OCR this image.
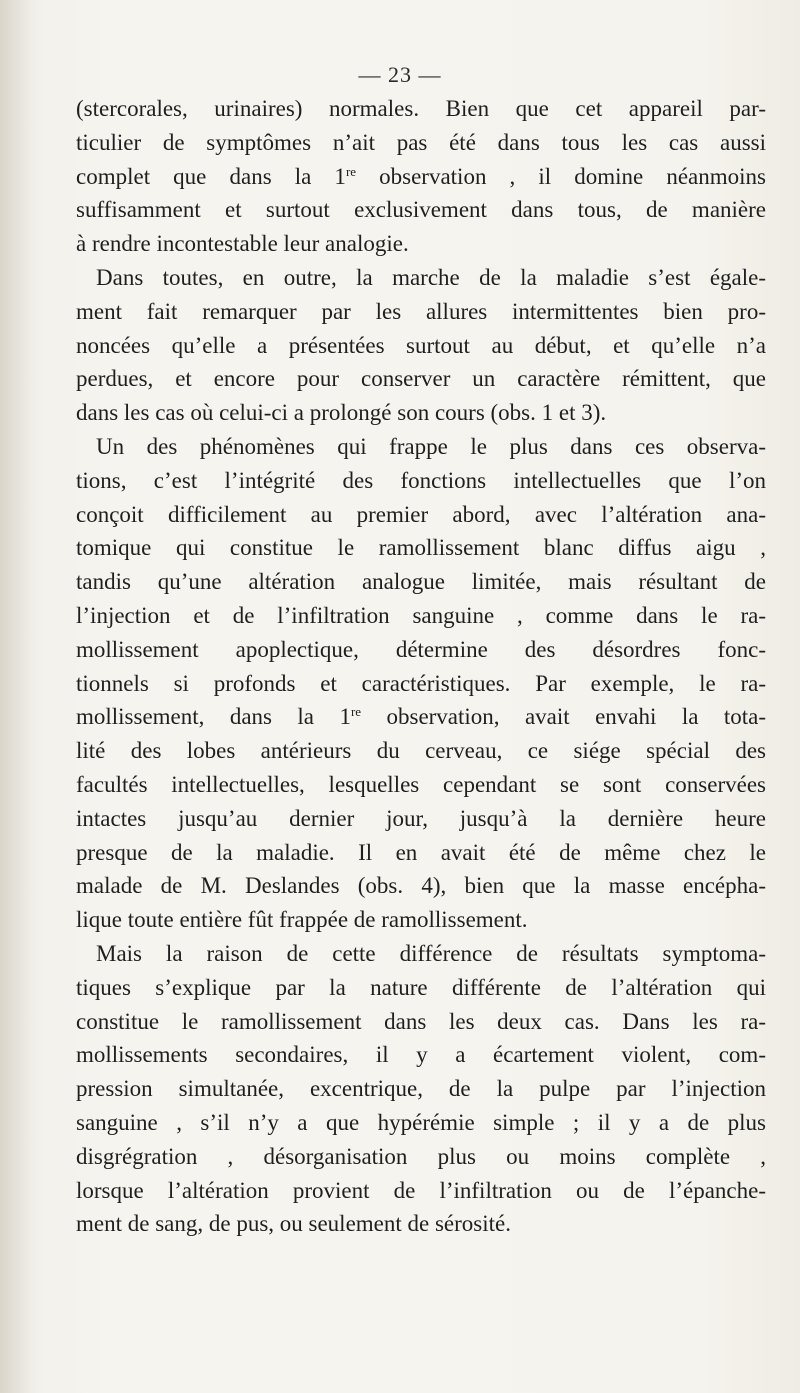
— 23 —
(stercorales, urinaires) normales. Bien que cet appareil par-
ticulier de symptômes n’ait pas été dans tous les cas aussi
complet que dans la 1re observation , il domine néanmoins
suffisamment et surtout exclusivement dans tous, de manière
à rendre incontestable leur analogie.
Dans toutes, en outre, la marche de la maladie s’est égale-
ment fait remarquer par les allures intermittentes bien pro-
noncées qu’elle a présentées surtout au début, et qu’elle n’a
perdues, et encore pour conserver un caractère rémittent, que
dans les cas où celui-ci a prolongé son cours (obs. 1 et 3).
Un des phénomènes qui frappe le plus dans ces observa-
tions, c’est l’intégrité des fonctions intellectuelles que l’on
conçoit difficilement au premier abord, avec l’altération ana-
tomique qui constitue le ramollissement blanc diffus aigu ,
tandis qu’une altération analogue limitée, mais résultant de
l’injection et de l’infiltration sanguine , comme dans le ra-
mollissement apoplectique, détermine des désordres fonc-
tionnels si profonds et caractéristiques. Par exemple, le ra-
mollissement, dans la 1re observation, avait envahi la tota-
lité des lobes antérieurs du cerveau, ce siége spécial des
facultés intellectuelles, lesquelles cependant se sont conservées
intactes jusqu’au dernier jour, jusqu’à la dernière heure
presque de la maladie. Il en avait été de même chez le
malade de M. Deslandes (obs. 4), bien que la masse encépha-
lique toute entière fût frappée de ramollissement.
Mais la raison de cette différence de résultats symptoma-
tiques s’explique par la nature différente de l’altération qui
constitue le ramollissement dans les deux cas. Dans les ra-
mollissements secondaires, il y a écartement violent, com-
pression simultanée, excentrique, de la pulpe par l’injection
sanguine , s’il n’y a que hypérémie simple ; il y a de plus
disgrégration , désorganisation plus ou moins complète ,
lorsque l’altération provient de l’infiltration ou de l’épanche-
ment de sang, de pus, ou seulement de sérosité.
